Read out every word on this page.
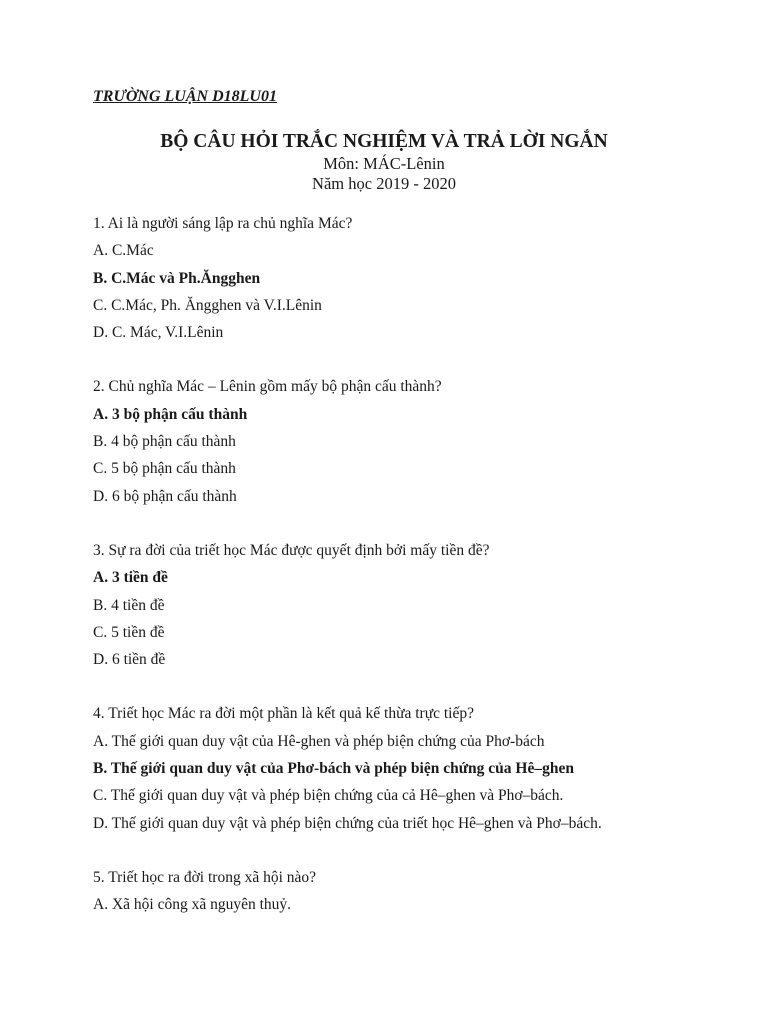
TRƯỜNG LUẬN D18LU01

BỘ CÂU HỎI TRẮC NGHIỆM VÀ TRẢ LỜI NGẮN

Môn: MÁC-Lênin

Năm học 2019 - 2020

1. Ai là người sáng lập ra chủ nghĩa Mác?
A. C.Mác
B. C.Mác và Ph.Ăngghen
C. C.Mác, Ph. Ăngghen và V.I.Lênin
D. C. Mác, V.I.Lênin
2. Chủ nghĩa Mác – Lênin gồm mấy bộ phận cấu thành?
A. 3 bộ phận cấu thành
B. 4 bộ phận cấu thành
C. 5 bộ phận cấu thành
D. 6 bộ phận cấu thành
3. Sự ra đời của triết học Mác được quyết định bởi mấy tiền đề?
A. 3 tiền đề
B. 4 tiền đề
C. 5 tiền đề
D. 6 tiền đề
4. Triết học Mác ra đời một phần là kết quả kế thừa trực tiếp?
A. Thế giới quan duy vật của Hê-ghen và phép biện chứng của Phơ-bách
B. Thế giới quan duy vật của Phơ-bách và phép biện chứng của Hê–ghen
C. Thế giới quan duy vật và phép biện chứng của cả Hê–ghen và Phơ–bách.
D. Thế giới quan duy vật và phép biện chứng của triết học Hê–ghen và Phơ–bách.
5. Triết học ra đời trong xã hội nào?
A. Xã hội công xã nguyên thuỷ.
